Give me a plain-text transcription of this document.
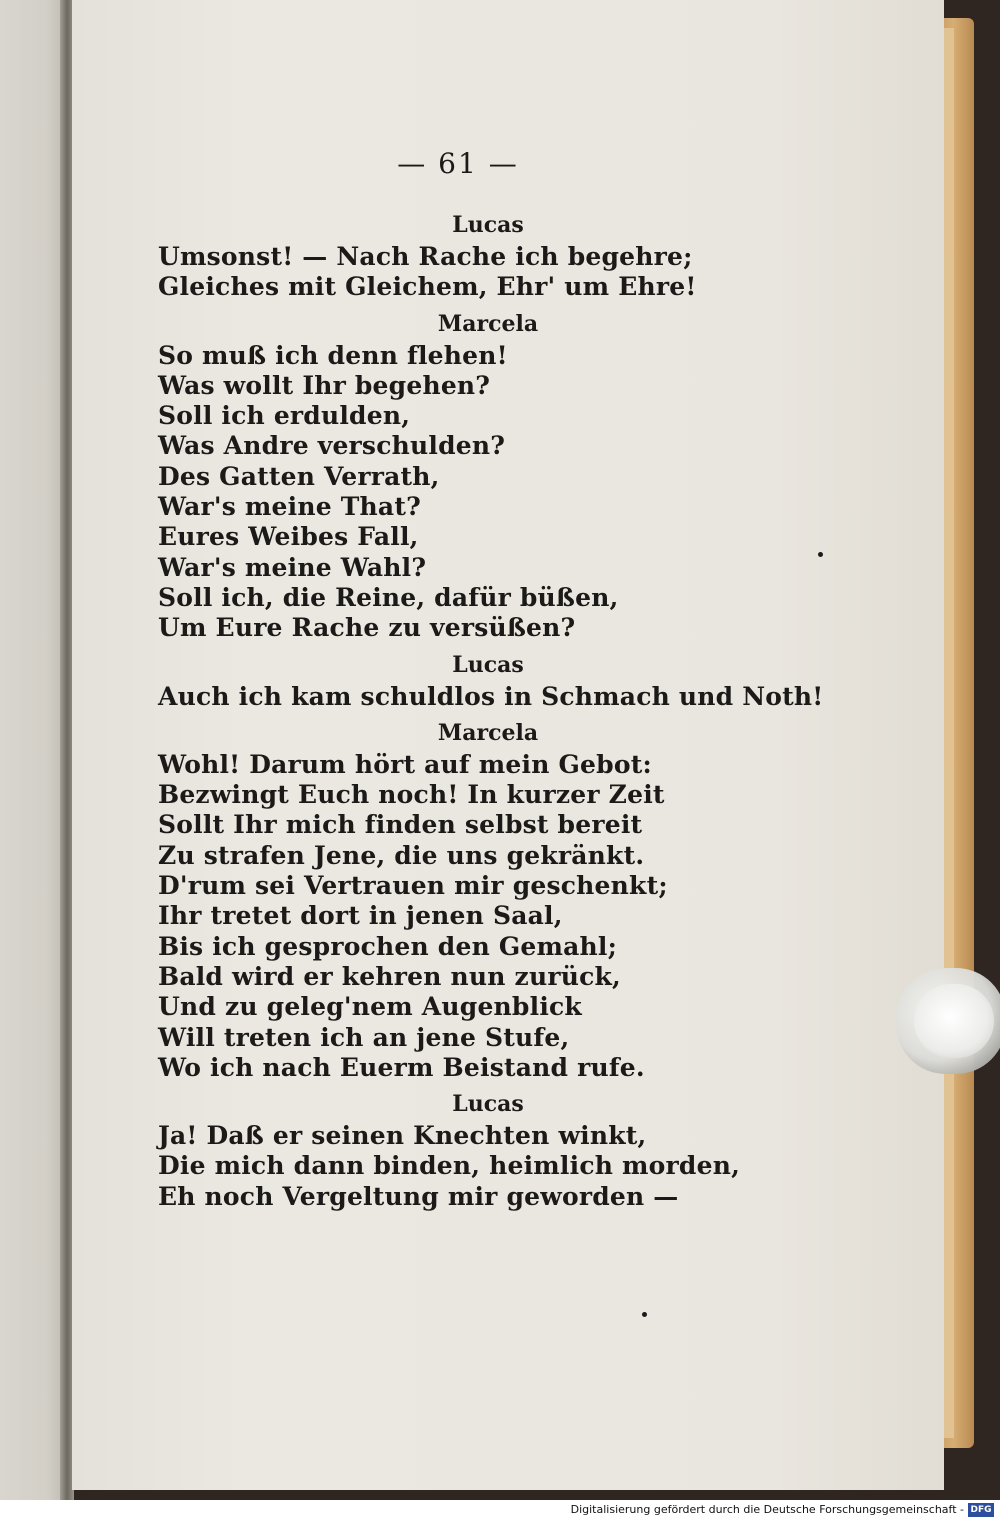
— 61 —
Lucas
Umsonst! — Nach Rache ich begehre;
Gleiches mit Gleichem, Ehr' um Ehre!
Marcela
So muß ich denn flehen!
Was wollt Ihr begehen?
Soll ich erdulden,
Was Andre verschulden?
Des Gatten Verrath,
War's meine That?
Eures Weibes Fall,
War's meine Wahl?
Soll ich, die Reine, dafür büßen,
Um Eure Rache zu versüßen?
Lucas
Auch ich kam schuldlos in Schmach und Noth!
Marcela
Wohl! Darum hört auf mein Gebot:
Bezwingt Euch noch! In kurzer Zeit
Sollt Ihr mich finden selbst bereit
Zu strafen Jene, die uns gekränkt.
D'rum sei Vertrauen mir geschenkt;
Ihr tretet dort in jenen Saal,
Bis ich gesprochen den Gemahl;
Bald wird er kehren nun zurück,
Und zu geleg'nem Augenblick
Will treten ich an jene Stufe,
Wo ich nach Euerm Beistand rufe.
Lucas
Ja! Daß er seinen Knechten winkt,
Die mich dann binden, heimlich morden,
Eh noch Vergeltung mir geworden —
Digitalisierung gefördert durch die Deutsche Forschungsgemeinschaft - DFG
